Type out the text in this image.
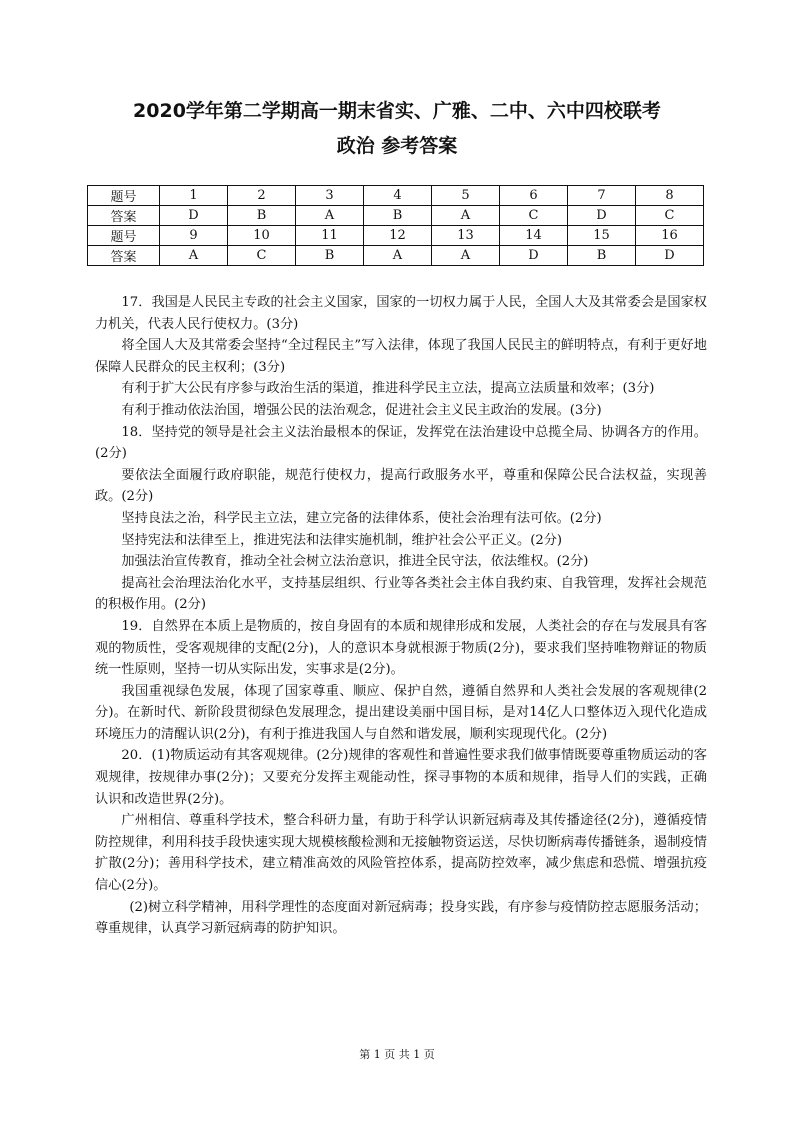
2020学年第二学期高一期末省实、广雅、二中、六中四校联考
政治 参考答案
题号	1	2	3	4	5	6	7	8
答案	D	B	A	B	A	C	D	C
题号	9	10	11	12	13	14	15	16
答案	A	C	B	A	A	D	B	D

17．我国是人民民主专政的社会主义国家，国家的一切权力属于人民，全国人大及其常委会是国家权力机关，代表人民行使权力。(3分)

将全国人大及其常委会坚持“全过程民主”写入法律，体现了我国人民民主的鲜明特点，有利于更好地保障人民群众的民主权利；(3分)

有利于扩大公民有序参与政治生活的渠道，推进科学民主立法，提高立法质量和效率；(3分)

有利于推动依法治国，增强公民的法治观念，促进社会主义民主政治的发展。(3分)

18．坚持党的领导是社会主义法治最根本的保证，发挥党在法治建设中总揽全局、协调各方的作用。(2分)

要依法全面履行政府职能，规范行使权力，提高行政服务水平，尊重和保障公民合法权益，实现善政。(2分)

坚持良法之治，科学民主立法，建立完备的法律体系，使社会治理有法可依。(2分)

坚持宪法和法律至上，推进宪法和法律实施机制，维护社会公平正义。(2分)

加强法治宣传教育，推动全社会树立法治意识，推进全民守法，依法维权。(2分)

提高社会治理法治化水平，支持基层组织、行业等各类社会主体自我约束、自我管理，发挥社会规范的积极作用。(2分)

19．自然界在本质上是物质的，按自身固有的本质和规律形成和发展，人类社会的存在与发展具有客观的物质性，受客观规律的支配(2分)，人的意识本身就根源于物质(2分)，要求我们坚持唯物辩证的物质统一性原则，坚持一切从实际出发，实事求是(2分)。

我国重视绿色发展，体现了国家尊重、顺应、保护自然，遵循自然界和人类社会发展的客观规律(2分)。在新时代、新阶段贯彻绿色发展理念，提出建设美丽中国目标，是对14亿人口整体迈入现代化造成环境压力的清醒认识(2分)，有利于推进我国人与自然和谐发展，顺利实现现代化。(2分)

20．(1)物质运动有其客观规律。(2分)规律的客观性和普遍性要求我们做事情既要尊重物质运动的客观规律，按规律办事(2分)；又要充分发挥主观能动性，探寻事物的本质和规律，指导人们的实践，正确认识和改造世界(2分)。

广州相信、尊重科学技术，整合科研力量，有助于科学认识新冠病毒及其传播途径(2分)，遵循疫情防控规律，利用科技手段快速实现大规模核酸检测和无接触物资运送，尽快切断病毒传播链条，遏制疫情扩散(2分)；善用科学技术，建立精准高效的风险管控体系，提高防控效率，减少焦虑和恐慌、增强抗疫信心(2分)。

(2)树立科学精神，用科学理性的态度面对新冠病毒；投身实践，有序参与疫情防控志愿服务活动；尊重规律，认真学习新冠病毒的防护知识。

第 1 页 共 1 页
